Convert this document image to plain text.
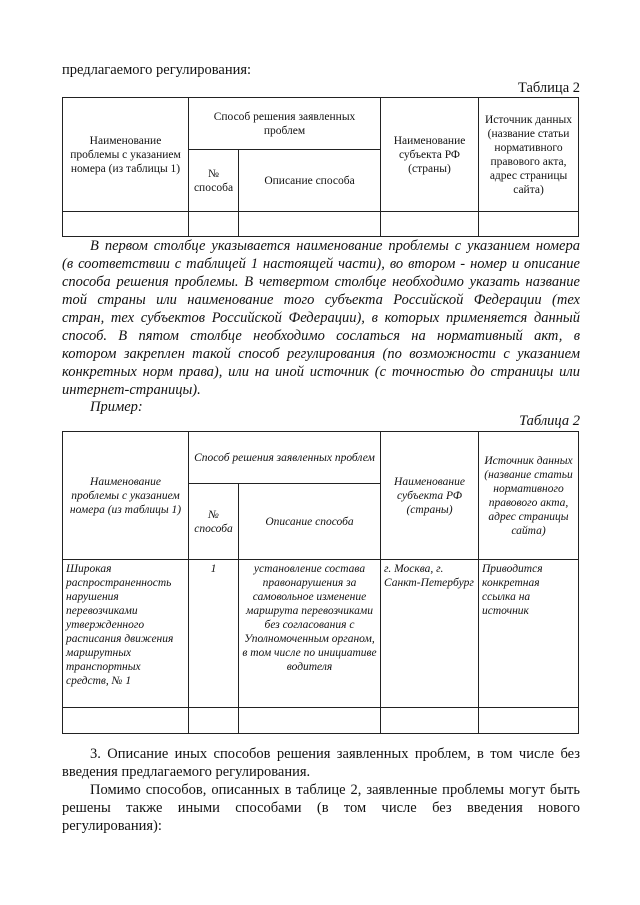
предлагаемого регулирования:
Таблица 2
Наименование проблемы с указанием номера (из таблицы 1)	Способ решения заявленных проблем		Наименование субъекта РФ (страны)	Источник данных (название статьи нормативного правового акта, адрес страницы сайта)
	№ способа	Описание способа		

В первом столбце указывается наименование проблемы с указанием номера
(в соответствии с таблицей 1 настоящей части), во втором - номер и описание
способа решения проблемы. В четвертом столбце необходимо указать название
той страны или наименование того субъекта Российской Федерации (тех
стран, тех субъектов Российской Федерации), в которых применяется данный
способ. В пятом столбце необходимо сослаться на нормативный акт, в
котором закреплен такой способ регулирования (по возможности с указанием
конкретных норм права), или на иной источник (с точностью до страницы или
интернет-страницы).
Пример:
Таблица 2
Наименование проблемы с указанием номера (из таблицы 1)	Способ решения заявленных проблем		Наименование субъекта РФ (страны)	Источник данных (название статьи нормативного правового акта, адрес страницы сайта)
	№ способа	Описание способа		
Широкая распространенность нарушения перевозчиками утвержденного расписания движения маршрутных транспортных средств, № 1	1	установление состава правонарушения за самовольное изменение маршрута перевозчиками без согласования с Уполномоченным органом, в том числе по инициативе водителя	г. Москва, г. Санкт-Петербург	Приводится конкретная ссылка на источник

3. Описание иных способов решения заявленных проблем, в том числе без
введения предлагаемого регулирования.
Помимо способов, описанных в таблице 2, заявленные проблемы могут быть
решены также иными способами (в том числе без введения нового
регулирования):
